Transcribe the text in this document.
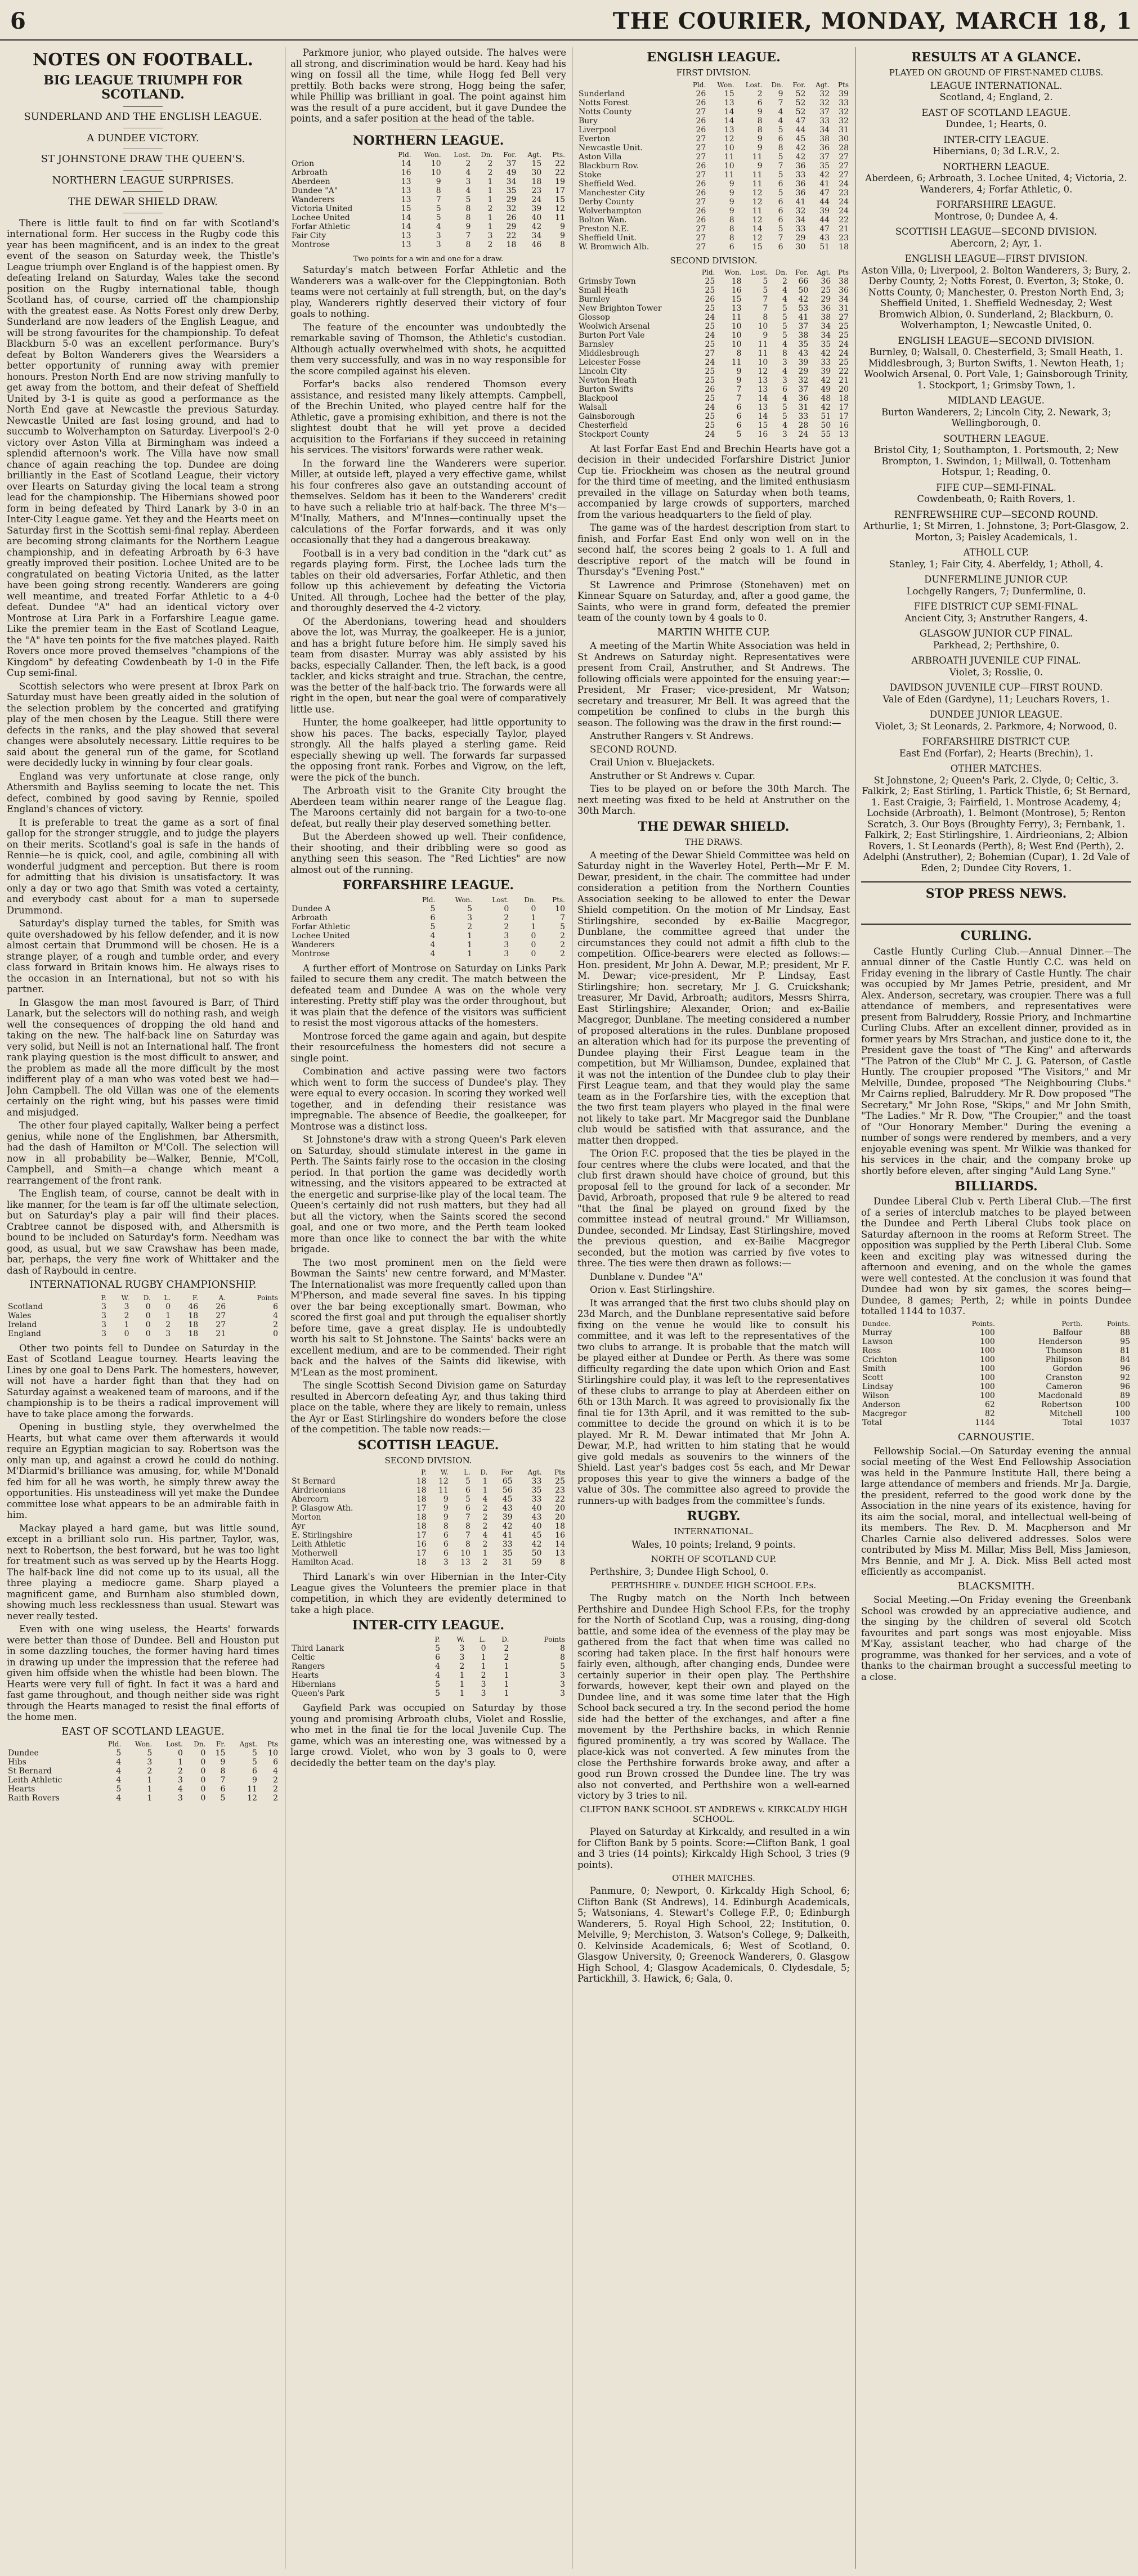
6	THE COURIER, MONDAY, MARCH 18, 1
NOTES ON FOOTBALL.
BIG LEAGUE TRIUMPH FOR SCOTLAND.
SUNDERLAND AND THE ENGLISH LEAGUE.
A DUNDEE VICTORY.
ST JOHNSTONE DRAW THE QUEEN'S.
NORTHERN LEAGUE SURPRISES.
THE DEWAR SHIELD DRAW.

There is little fault to find on far with Scotland's international form. Her success in the Rugby code this year has been magnificent, and is an index to the great event of the season on Saturday week, the Thistle's League triumph over England is of the happiest omen. By defeating Ireland on Saturday, Wales take the second position on the Rugby international table, though Scotland has, of course, carried off the championship with the greatest ease. As Notts Forest only drew Derby, Sunderland are now leaders of the English League, and will be strong favourites for the championship. To defeat Blackburn 5-0 was an excellent performance. Bury's defeat by Bolton Wanderers gives the Wearsiders a better opportunity of running away with premier honours. Preston North End are now striving manfully to get away from the bottom, and their defeat of Sheffield United by 3-1 is quite as good a performance as the North End gave at Newcastle the previous Saturday. Newcastle United are fast losing ground, and had to succumb to Wolverhampton on Saturday. Liverpool's 2-0 victory over Aston Villa at Birmingham was indeed a splendid afternoon's work. The Villa have now small chance of again reaching the top. Dundee are doing brilliantly in the East of Scotland League, their victory over Hearts on Saturday giving the local team a strong lead for the championship. The Hibernians showed poor form in being defeated by Third Lanark by 3-0 in an Inter-City League game. Yet they and the Hearts meet on Saturday first in the Scottish semi-final replay. Aberdeen are becoming strong claimants for the Northern League championship, and in defeating Arbroath by 6-3 have greatly improved their position. Lochee United are to be congratulated on beating Victoria United, as the latter have been going strong recently. Wanderers are going well meantime, and treated Forfar Athletic to a 4-0 defeat. Dundee "A" had an identical victory over Montrose at Lira Park in a Forfarshire League game. Like the premier team in the East of Scotland League, the "A" have ten points for the five matches played. Raith Rovers once more proved themselves "champions of the Kingdom" by defeating Cowdenbeath by 1-0 in the Fife Cup semi-final.

Scottish selectors who were present at Ibrox Park on Saturday must have been greatly aided in the solution of the selection problem by the concerted and gratifying play of the men chosen by the League. Still there were defects in the ranks, and the play showed that several changes were absolutely necessary. Little requires to be said about the general run of the game, for Scotland were decidedly lucky in winning by four clear goals.

England was very unfortunate at close range, only Athersmith and Bayliss seeming to locate the net. This defect, combined by good saving by Rennie, spoiled England's chances of victory.

It is preferable to treat the game as a sort of final gallop for the stronger struggle, and to judge the players on their merits. Scotland's goal is safe in the hands of Rennie—he is quick, cool, and agile, combining all with wonderful judgment and perception. But there is room for admitting that his division is unsatisfactory. It was only a day or two ago that Smith was voted a certainty, and everybody cast about for a man to supersede Drummond.

Saturday's display turned the tables, for Smith was quite overshadowed by his fellow defender, and it is now almost certain that Drummond will be chosen. He is a strange player, of a rough and tumble order, and every class forward in Britain knows him. He always rises to the occasion in an International, but not so with his partner.

In Glasgow the man most favoured is Barr, of Third Lanark, but the selectors will do nothing rash, and weigh well the consequences of dropping the old hand and taking on the new. The half-back line on Saturday was very solid, but Neill is not an International half. The front rank playing question is the most difficult to answer, and the problem as made all the more difficult by the most indifferent play of a man who was voted best we had—John Campbell. The old Villan was one of the elements certainly on the right wing, but his passes were timid and misjudged.

The other four played capitally, Walker being a perfect genius, while none of the Englishmen, bar Athersmith, had the dash of Hamilton or M'Coll. The selection will now in all probability be—Walker, Bennie, M'Coll, Campbell, and Smith—a change which meant a rearrangement of the front rank.

The English team, of course, cannot be dealt with in like manner, for the team is far off the ultimate selection, but on Saturday's play a pair will find their places. Crabtree cannot be disposed with, and Athersmith is bound to be included on Saturday's form. Needham was good, as usual, but we saw Crawshaw has been made, bar, perhaps, the very fine work of Whittaker and the dash of Raybould in centre.

INTERNATIONAL RUGBY CHAMPIONSHIP.
	P.	W.	D.	L.	F.	A.	Points
Scotland	3	3	0	0	46	26	6
Wales	3	2	0	1	18	27	4
Ireland	3	1	0	2	18	27	2
England	3	0	0	3	18	21	0

Other two points fell to Dundee on Saturday in the East of Scotland League tourney. Hearts leaving the Lines by one goal to Dens Park. The homesters, however, will not have a harder fight than that they had on Saturday against a weakened team of maroons, and if the championship is to be theirs a radical improvement will have to take place among the forwards.

Opening in bustling style, they overwhelmed the Hearts, but what came over them afterwards it would require an Egyptian magician to say. Robertson was the only man up, and against a crowd he could do nothing. M'Diarmid's brilliance was amusing, for, while M'Donald fed him for all he was worth, he simply threw away the opportunities. His unsteadiness will yet make the Dundee committee lose what appears to be an admirable faith in him.

Mackay played a hard game, but was little sound, except in a brilliant solo run. His partner, Taylor, was, next to Robertson, the best forward, but he was too light for treatment such as was served up by the Hearts Hogg. The half-back line did not come up to its usual, all the three playing a mediocre game. Sharp played a magnificent game, and Burnham also stumbled down, showing much less recklessness than usual. Stewart was never really tested.

Even with one wing useless, the Hearts' forwards were better than those of Dundee. Bell and Houston put in some dazzling touches, the former having hard times in drawing up under the impression that the referee had given him offside when the whistle had been blown. The Hearts were very full of fight. In fact it was a hard and fast game throughout, and though neither side was right through the Hearts managed to resist the final efforts of the home men.

EAST OF SCOTLAND LEAGUE.
	Pld.	Won.	Lost.	Dn.	Fr.	Agst.	Pts
Dundee	5	5	0	0	15	5	10
Hibs	4	3	1	0	9	5	6
St Bernard	4	2	2	0	8	6	4
Leith Athletic	4	1	3	0	7	9	2
Hearts	5	1	4	0	6	11	2
Raith Rovers	4	1	3	0	5	12	2

Parkmore junior, who played outside. The halves were all strong, and discrimination would be hard. Keay had his wing on fossil all the time, while Hogg fed Bell very prettily. Both backs were strong, Hogg being the safer, while Phillip was brilliant in goal. The point against him was the result of a pure accident, but it gave Dundee the points, and a safer position at the head of the table.

NORTHERN LEAGUE.
	Pld.	Won.	Lost.	Dn.	For.	Agt.	Pts.
Orion	14	10	2	2	37	15	22
Arbroath	16	10	4	2	49	30	22
Aberdeen	13	9	3	1	34	18	19
Dundee "A"	13	8	4	1	35	23	17
Wanderers	13	7	5	1	29	24	15
Victoria United	15	5	8	2	32	39	12
Lochee United	14	5	8	1	26	40	11
Forfar Athletic	14	4	9	1	29	42	9
Fair City	13	3	7	3	22	34	9
Montrose	13	3	8	2	18	46	8
Two points for a win and one for a draw.

Saturday's match between Forfar Athletic and the Wanderers was a walk-over for the Cleppingtonian. Both teams were not certainly at full strength, but, on the day's play, Wanderers rightly deserved their victory of four goals to nothing.

The feature of the encounter was undoubtedly the remarkable saving of Thomson, the Athletic's custodian. Although actually overwhelmed with shots, he acquitted them very successfully, and was in no way responsible for the score compiled against his eleven.

Forfar's backs also rendered Thomson every assistance, and resisted many likely attempts. Campbell, of the Brechin United, who played centre half for the Athletic, gave a promising exhibition, and there is not the slightest doubt that he will yet prove a decided acquisition to the Forfarians if they succeed in retaining his services. The visitors' forwards were rather weak.

In the forward line the Wanderers were superior. Miller, at outside left, played a very effective game, whilst his four confreres also gave an outstanding account of themselves. Seldom has it been to the Wanderers' credit to have such a reliable trio at half-back. The three M's—M'Inally, Mathers, and M'Innes—continually upset the calculations of the Forfar forwards, and it was only occasionally that they had a dangerous breakaway.

Football is in a very bad condition in the "dark cut" as regards playing form. First, the Lochee lads turn the tables on their old adversaries, Forfar Athletic, and then follow up this achievement by defeating the Victoria United. All through, Lochee had the better of the play, and thoroughly deserved the 4-2 victory.

Of the Aberdonians, towering head and shoulders above the lot, was Murray, the goalkeeper. He is a junior, and has a bright future before him. He simply saved his team from disaster. Murray was ably assisted by his backs, especially Callander. Then, the left back, is a good tackler, and kicks straight and true. Strachan, the centre, was the better of the half-back trio. The forwards were all right in the open, but near the goal were of comparatively little use.

Hunter, the home goalkeeper, had little opportunity to show his paces. The backs, especially Taylor, played strongly. All the halfs played a sterling game. Reid especially shewing up well. The forwards far surpassed the opposing front rank. Forbes and Vigrow, on the left, were the pick of the bunch.

The Arbroath visit to the Granite City brought the Aberdeen team within nearer range of the League flag. The Maroons certainly did not bargain for a two-to-one defeat, but really their play deserved something better.

But the Aberdeen showed up well. Their confidence, their shooting, and their dribbling were so good as anything seen this season. The "Red Lichties" are now almost out of the running.

FORFARSHIRE LEAGUE.
	Pld.	Won.	Lost.	Dn.	Pts.
Dundee A	5	5	0	0	10
Arbroath	6	3	2	1	7
Forfar Athletic	5	2	2	1	5
Lochee United	4	1	3	0	2
Wanderers	4	1	3	0	2
Montrose	4	1	3	0	2

A further effort of Montrose on Saturday on Links Park failed to secure them any credit. The match between the defeated team and Dundee A was on the whole very interesting. Pretty stiff play was the order throughout, but it was plain that the defence of the visitors was sufficient to resist the most vigorous attacks of the homesters.

Montrose forced the game again and again, but despite their resourcefulness the homesters did not secure a single point.

Combination and active passing were two factors which went to form the success of Dundee's play. They were equal to every occasion. In scoring they worked well together, and in defending their resistance was impregnable. The absence of Beedie, the goalkeeper, for Montrose was a distinct loss.

St Johnstone's draw with a strong Queen's Park eleven on Saturday, should stimulate interest in the game in Perth. The Saints fairly rose to the occasion in the closing period. In that portion the game was decidedly worth witnessing, and the visitors appeared to be extracted at the energetic and surprise-like play of the local team. The Queen's certainly did not rush matters, but they had all but all the victory, when the Saints scored the second goal, and one or two more, and the Perth team looked more than once like to connect the bar with the white brigade.

The two most prominent men on the field were Bowman the Saints' new centre forward, and M'Master. The Internationalist was more frequently called upon than M'Pherson, and made several fine saves. In his tipping over the bar being exceptionally smart. Bowman, who scored the first goal and put through the equaliser shortly before time, gave a great display. He is undoubtedly worth his salt to St Johnstone. The Saints' backs were an excellent medium, and are to be commended. Their right back and the halves of the Saints did likewise, with M'Lean as the most prominent.

The single Scottish Second Division game on Saturday resulted in Abercorn defeating Ayr, and thus taking third place on the table, where they are likely to remain, unless the Ayr or East Stirlingshire do wonders before the close of the competition. The table now reads:—

SCOTTISH LEAGUE.
SECOND DIVISION.
	P.	W.	L.	D.	For	Agt.	Pts
St Bernard	18	12	5	1	65	33	25
Airdrieonians	18	11	6	1	56	35	23
Abercorn	18	9	5	4	45	33	22
P. Glasgow Ath.	17	9	6	2	43	40	20
Morton	18	9	7	2	39	43	20
Ayr	18	8	8	2	42	40	18
E. Stirlingshire	17	6	7	4	41	45	16
Leith Athletic	16	6	8	2	33	42	14
Motherwell	17	6	10	1	35	50	13
Hamilton Acad.	18	3	13	2	31	59	8

Third Lanark's win over Hibernian in the Inter-City League gives the Volunteers the premier place in that competition, in which they are evidently determined to take a high place.

INTER-CITY LEAGUE.
	P.	W.	L.	D.	Points
Third Lanark	5	3	0	2	8
Celtic	6	3	1	2	8
Rangers	4	2	1	1	5
Hearts	4	1	2	1	3
Hibernians	5	1	3	1	3
Queen's Park	5	1	3	1	3

Gayfield Park was occupied on Saturday by those young and promising Arbroath clubs, Violet and Rosslie, who met in the final tie for the local Juvenile Cup. The game, which was an interesting one, was witnessed by a large crowd. Violet, who won by 3 goals to 0, were decidedly the better team on the day's play.

ENGLISH LEAGUE.
FIRST DIVISION.
	Pld.	Won.	Lost.	Dn.	For.	Agt.	Pts
Sunderland	26	15	2	9	52	32	39
Notts Forest	26	13	6	7	52	32	33
Notts County	27	14	9	4	52	37	32
Bury	26	14	8	4	47	33	32
Liverpool	26	13	8	5	44	34	31
Everton	27	12	9	6	45	38	30
Newcastle Unit.	27	10	9	8	42	36	28
Aston Villa	27	11	11	5	42	37	27
Blackburn Rov.	26	10	9	7	36	35	27
Stoke	27	11	11	5	33	42	27
Sheffield Wed.	26	9	11	6	36	41	24
Manchester City	26	9	12	5	36	47	23
Derby County	27	9	12	6	41	44	24
Wolverhampton	26	9	11	6	32	39	24
Bolton Wan.	26	8	12	6	34	44	22
Preston N.E.	27	8	14	5	33	47	21
Sheffield Unit.	27	8	12	7	29	43	23
W. Bromwich Alb.	27	6	15	6	30	51	18
SECOND DIVISION.
	Pld.	Won.	Lost.	Dn.	For.	Agt.	Pts
Grimsby Town	25	18	5	2	66	36	38
Small Heath	25	16	5	4	50	25	36
Burnley	26	15	7	4	42	29	34
New Brighton Tower	25	13	7	5	53	36	31
Glossop	24	11	8	5	41	38	27
Woolwich Arsenal	25	10	10	5	37	34	25
Burton Port Vale	24	10	9	5	38	34	25
Barnsley	25	10	11	4	35	35	24
Middlesbrough	27	8	11	8	43	42	24
Leicester Fosse	24	11	10	3	39	33	25
Lincoln City	25	9	12	4	29	39	22
Newton Heath	25	9	13	3	32	42	21
Burton Swifts	26	7	13	6	37	49	20
Blackpool	25	7	14	4	36	48	18
Walsall	24	6	13	5	31	42	17
Gainsborough	25	6	14	5	33	51	17
Chesterfield	25	6	15	4	28	50	16
Stockport County	24	5	16	3	24	55	13

At last Forfar East End and Brechin Hearts have got a decision in their undecided Forfarshire District Junior Cup tie. Friockheim was chosen as the neutral ground for the third time of meeting, and the limited enthusiasm prevailed in the village on Saturday when both teams, accompanied by large crowds of supporters, marched from the various headquarters to the field of play.

The game was of the hardest description from start to finish, and Forfar East End only won well on in the second half, the scores being 2 goals to 1. A full and descriptive report of the match will be found in Thursday's "Evening Post."

St Lawrence and Primrose (Stonehaven) met on Kinnear Square on Saturday, and, after a good game, the Saints, who were in grand form, defeated the premier team of the county town by 4 goals to 0.

MARTIN WHITE CUP.

A meeting of the Martin White Association was held in St Andrews on Saturday night. Representatives were present from Crail, Anstruther, and St Andrews. The following officials were appointed for the ensuing year:—President, Mr Fraser; vice-president, Mr Watson; secretary and treasurer, Mr Bell. It was agreed that the competition be confined to clubs in the burgh this season. The following was the draw in the first round:—

Anstruther Rangers v. St Andrews.

SECOND ROUND.

Crail Union v. Bluejackets.

Anstruther or St Andrews v. Cupar.

Ties to be played on or before the 30th March. The next meeting was fixed to be held at Anstruther on the 30th March.

THE DEWAR SHIELD.
THE DRAWS.

A meeting of the Dewar Shield Committee was held on Saturday night in the Waverley Hotel, Perth—Mr F. M. Dewar, president, in the chair. The committee had under consideration a petition from the Northern Counties Association seeking to be allowed to enter the Dewar Shield competition. On the motion of Mr Lindsay, East Stirlingshire, seconded by ex-Bailie Macgregor, Dunblane, the committee agreed that under the circumstances they could not admit a fifth club to the competition. Office-bearers were elected as follows:—Hon. president, Mr John A. Dewar, M.P.; president, Mr F. M. Dewar; vice-president, Mr P. Lindsay, East Stirlingshire; hon. secretary, Mr J. G. Cruickshank; treasurer, Mr David, Arbroath; auditors, Messrs Shirra, East Stirlingshire; Alexander, Orion; and ex-Bailie Macgregor, Dunblane. The meeting considered a number of proposed alterations in the rules. Dunblane proposed an alteration which had for its purpose the preventing of Dundee playing their First League team in the competition, but Mr Williamson, Dundee, explained that it was not the intention of the Dundee club to play their First League team, and that they would play the same team as in the Forfarshire ties, with the exception that the two first team players who played in the final were not likely to take part. Mr Macgregor said the Dunblane club would be satisfied with that assurance, and the matter then dropped.

The Orion F.C. proposed that the ties be played in the four centres where the clubs were located, and that the club first drawn should have choice of ground, but this proposal fell to the ground for lack of a seconder. Mr David, Arbroath, proposed that rule 9 be altered to read "that the final be played on ground fixed by the committee instead of neutral ground." Mr Williamson, Dundee, seconded. Mr Lindsay, East Stirlingshire, moved the previous question, and ex-Bailie Macgregor seconded, but the motion was carried by five votes to three. The ties were then drawn as follows:—

Dunblane v. Dundee "A"

Orion v. East Stirlingshire.

It was arranged that the first two clubs should play on 23d March, and the Dunblane representative said before fixing on the venue he would like to consult his committee, and it was left to the representatives of the two clubs to arrange. It is probable that the match will be played either at Dundee or Perth. As there was some difficulty regarding the date upon which Orion and East Stirlingshire could play, it was left to the representatives of these clubs to arrange to play at Aberdeen either on 6th or 13th March. It was agreed to provisionally fix the final tie for 13th April, and it was remitted to the sub-committee to decide the ground on which it is to be played. Mr R. M. Dewar intimated that Mr John A. Dewar, M.P., had written to him stating that he would give gold medals as souvenirs to the winners of the Shield. Last year's badges cost 5s each, and Mr Dewar proposes this year to give the winners a badge of the value of 30s. The committee also agreed to provide the runners-up with badges from the committee's funds.

RUGBY.
INTERNATIONAL.
Wales, 10 points; Ireland, 9 points.
NORTH OF SCOTLAND CUP.

Perthshire, 3; Dundee High School, 0.

PERTHSHIRE v. DUNDEE HIGH SCHOOL F.P.s.

The Rugby match on the North Inch between Perthshire and Dundee High School F.P.s, for the trophy for the North of Scotland Cup, was a rousing, ding-dong battle, and some idea of the evenness of the play may be gathered from the fact that when time was called no scoring had taken place. In the first half honours were fairly even, although, after changing ends, Dundee were certainly superior in their open play. The Perthshire forwards, however, kept their own and played on the Dundee line, and it was some time later that the High School back secured a try. In the second period the home side had the better of the exchanges, and after a fine movement by the Perthshire backs, in which Rennie figured prominently, a try was scored by Wallace. The place-kick was not converted. A few minutes from the close the Perthshire forwards broke away, and after a good run Brown crossed the Dundee line. The try was also not converted, and Perthshire won a well-earned victory by 3 tries to nil.

CLIFTON BANK SCHOOL ST ANDREWS v. KIRKCALDY HIGH SCHOOL.

Played on Saturday at Kirkcaldy, and resulted in a win for Clifton Bank by 5 points. Score:—Clifton Bank, 1 goal and 3 tries (14 points); Kirkcaldy High School, 3 tries (9 points).

OTHER MATCHES.

Panmure, 0; Newport, 0. Kirkcaldy High School, 6; Clifton Bank (St Andrews), 14. Edinburgh Academicals, 5; Watsonians, 4. Stewart's College F.P., 0; Edinburgh Wanderers, 5. Royal High School, 22; Institution, 0. Melville, 9; Merchiston, 3. Watson's College, 9; Dalkeith, 0. Kelvinside Academicals, 6; West of Scotland, 0. Glasgow University, 0; Greenock Wanderers, 0. Glasgow High School, 4; Glasgow Academicals, 0. Clydesdale, 5; Partickhill, 3. Hawick, 6; Gala, 0.

RESULTS AT A GLANCE.
PLAYED ON GROUND OF FIRST-NAMED CLUBS.
LEAGUE INTERNATIONAL.
Scotland, 4; England, 2.
EAST OF SCOTLAND LEAGUE.
Dundee, 1; Hearts, 0.
INTER-CITY LEAGUE.
Hibernians, 0; 3d L.R.V., 2.
NORTHERN LEAGUE.
Aberdeen, 6; Arbroath, 3. Lochee United, 4; Victoria, 2. Wanderers, 4; Forfar Athletic, 0.
FORFARSHIRE LEAGUE.
Montrose, 0; Dundee A, 4.
SCOTTISH LEAGUE—SECOND DIVISION.
Abercorn, 2; Ayr, 1.
ENGLISH LEAGUE—FIRST DIVISION.
Aston Villa, 0; Liverpool, 2. Bolton Wanderers, 3; Bury, 2. Derby County, 2; Notts Forest, 0. Everton, 3; Stoke, 0. Notts County, 0; Manchester, 0. Preston North End, 3; Sheffield United, 1. Sheffield Wednesday, 2; West Bromwich Albion, 0. Sunderland, 2; Blackburn, 0. Wolverhampton, 1; Newcastle United, 0.
ENGLISH LEAGUE—SECOND DIVISION.
Burnley, 0; Walsall, 0. Chesterfield, 3; Small Heath, 1. Middlesbrough, 3; Burton Swifts, 1. Newton Heath, 1; Woolwich Arsenal, 0. Port Vale, 1; Gainsborough Trinity, 1. Stockport, 1; Grimsby Town, 1.
MIDLAND LEAGUE.
Burton Wanderers, 2; Lincoln City, 2. Newark, 3; Wellingborough, 0.
SOUTHERN LEAGUE.
Bristol City, 1; Southampton, 1. Portsmouth, 2; New Brompton, 1. Swindon, 1; Millwall, 0. Tottenham Hotspur, 1; Reading, 0.
FIFE CUP—SEMI-FINAL.
Cowdenbeath, 0; Raith Rovers, 1.
RENFREWSHIRE CUP—SECOND ROUND.
Arthurlie, 1; St Mirren, 1. Johnstone, 3; Port-Glasgow, 2. Morton, 3; Paisley Academicals, 1.
ATHOLL CUP.
Stanley, 1; Fair City, 4. Aberfeldy, 1; Atholl, 4.
DUNFERMLINE JUNIOR CUP.
Lochgelly Rangers, 7; Dunfermline, 0.
FIFE DISTRICT CUP SEMI-FINAL.
Ancient City, 3; Anstruther Rangers, 4.
GLASGOW JUNIOR CUP FINAL.
Parkhead, 2; Perthshire, 0.
ARBROATH JUVENILE CUP FINAL.
Violet, 3; Rosslie, 0.
DAVIDSON JUVENILE CUP—FIRST ROUND.
Vale of Eden (Gardyne), 11; Leuchars Rovers, 1.
DUNDEE JUNIOR LEAGUE.
Violet, 3; St Leonards, 2. Parkmore, 4; Norwood, 0.
FORFARSHIRE DISTRICT CUP.
East End (Forfar), 2; Hearts (Brechin), 1.
OTHER MATCHES.
St Johnstone, 2; Queen's Park, 2. Clyde, 0; Celtic, 3. Falkirk, 2; East Stirling, 1. Partick Thistle, 6; St Bernard, 1. East Craigie, 3; Fairfield, 1. Montrose Academy, 4; Lochside (Arbroath), 1. Belmont (Montrose), 5; Renton Scratch, 3. Our Boys (Broughty Ferry), 3; Fernbank, 1. Falkirk, 2; East Stirlingshire, 1. Airdrieonians, 2; Albion Rovers, 1. St Leonards (Perth), 8; West End (Perth), 2. Adelphi (Anstruther), 2; Bohemian (Cupar), 1. 2d Vale of Eden, 2; Dundee City Rovers, 1.
STOP PRESS NEWS.
CURLING.

Castle Huntly Curling Club.—Annual Dinner.—The annual dinner of the Castle Huntly C.C. was held on Friday evening in the library of Castle Huntly. The chair was occupied by Mr James Petrie, president, and Mr Alex. Anderson, secretary, was croupier. There was a full attendance of members, and representatives were present from Balruddery, Rossie Priory, and Inchmartine Curling Clubs. After an excellent dinner, provided as in former years by Mrs Strachan, and justice done to it, the President gave the toast of "The King" and afterwards "The Patron of the Club" Mr C. J. G. Paterson, of Castle Huntly. The croupier proposed "The Visitors," and Mr Melville, Dundee, proposed "The Neighbouring Clubs." Mr Cairns replied, Balruddery. Mr R. Dow proposed "The Secretary," Mr John Rose, "Skips," and Mr John Smith, "The Ladies." Mr R. Dow, "The Croupier," and the toast of "Our Honorary Member." During the evening a number of songs were rendered by members, and a very enjoyable evening was spent. Mr Wilkie was thanked for his services in the chair, and the company broke up shortly before eleven, after singing "Auld Lang Syne."

BILLIARDS.

Dundee Liberal Club v. Perth Liberal Club.—The first of a series of interclub matches to be played between the Dundee and Perth Liberal Clubs took place on Saturday afternoon in the rooms at Reform Street. The opposition was supplied by the Perth Liberal Club. Some keen and exciting play was witnessed during the afternoon and evening, and on the whole the games were well contested. At the conclusion it was found that Dundee had won by six games, the scores being—Dundee, 8 games; Perth, 2; while in points Dundee totalled 1144 to 1037.

Dundee.	Points.	Perth.	Points.
Murray	100	Balfour	88
Lawson	100	Henderson	95
Ross	100	Thomson	81
Crichton	100	Philipson	84
Smith	100	Gordon	96
Scott	100	Cranston	92
Lindsay	100	Cameron	96
Wilson	100	Macdonald	89
Anderson	62	Robertson	100
Macgregor	82	Mitchell	100
Total	1144	Total	1037
CARNOUSTIE.

Fellowship Social.—On Saturday evening the annual social meeting of the West End Fellowship Association was held in the Panmure Institute Hall, there being a large attendance of members and friends. Mr Ja. Dargie, the president, referred to the good work done by the Association in the nine years of its existence, having for its aim the social, moral, and intellectual well-being of its members. The Rev. D. M. Macpherson and Mr Charles Carnie also delivered addresses. Solos were contributed by Miss M. Millar, Miss Bell, Miss Jamieson, Mrs Bennie, and Mr J. A. Dick. Miss Bell acted most efficiently as accompanist.

BLACKSMITH.

Social Meeting.—On Friday evening the Greenbank School was crowded by an appreciative audience, and the singing by the children of several old Scotch favourites and part songs was most enjoyable. Miss M'Kay, assistant teacher, who had charge of the programme, was thanked for her services, and a vote of thanks to the chairman brought a successful meeting to a close.
